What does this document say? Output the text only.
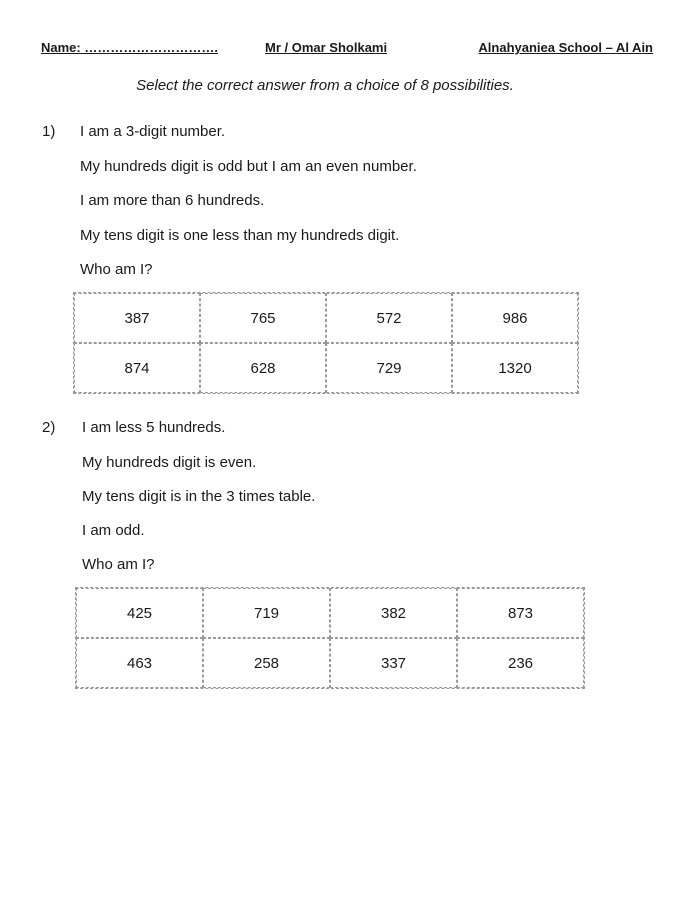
Name: ………………………….	Mr / Omar Sholkami	Alnahyaniea School – Al Ain
Select the correct answer from a choice of 8 possibilities.
1) I am a 3-digit number.
My hundreds digit is odd but I am an even number.
I am more than 6 hundreds.
My tens digit is one less than my hundreds digit.
Who am I?
387	765	572	986
874	628	729	1320
2) I am less 5 hundreds.
My hundreds digit is even.
My tens digit is in the 3 times table.
I am odd.
Who am I?
425	719	382	873
463	258	337	236
